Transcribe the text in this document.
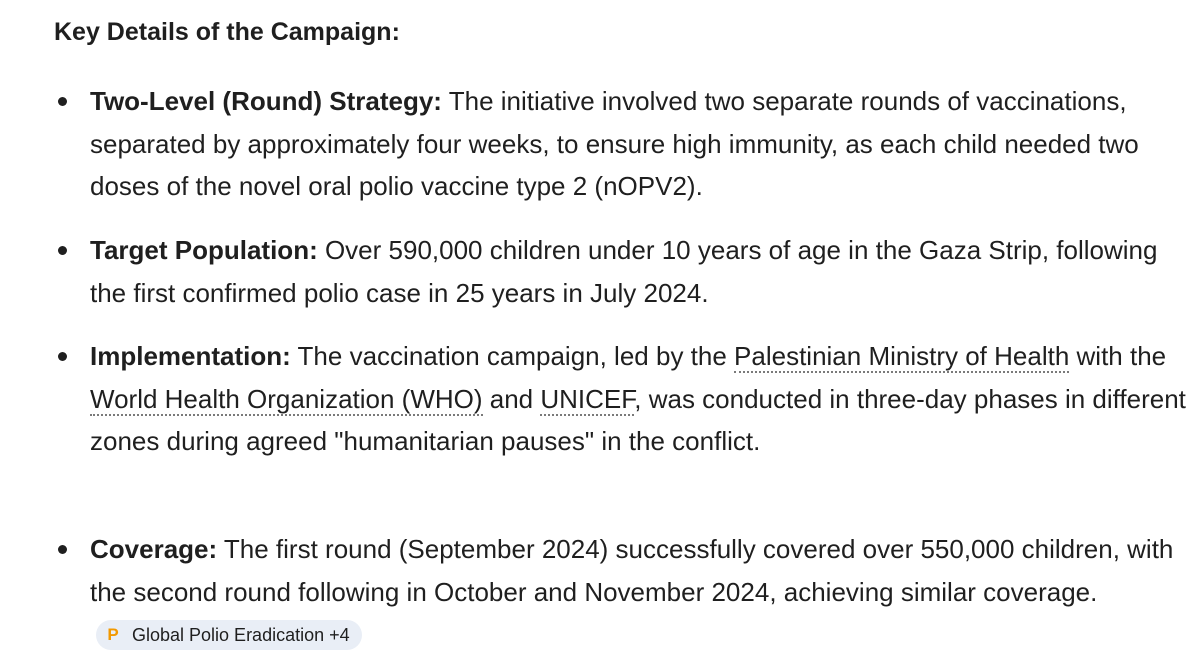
Key Details of the Campaign:
Two-Level (Round) Strategy: The initiative involved two separate rounds of vaccinations, separated by approximately four weeks, to ensure high immunity, as each child needed two doses of the novel oral polio vaccine type 2 (nOPV2).
Target Population: Over 590,000 children under 10 years of age in the Gaza Strip, following the first confirmed polio case in 25 years in July 2024.
Implementation: The vaccination campaign, led by the Palestinian Ministry of Health with the World Health Organization (WHO) and UNICEF, was conducted in three-day phases in different zones during agreed "humanitarian pauses" in the conflict.
Coverage: The first round (September 2024) successfully covered over 550,000 children, with the second round following in October and November 2024, achieving similar coverage.
P Global Polio Eradication +4
